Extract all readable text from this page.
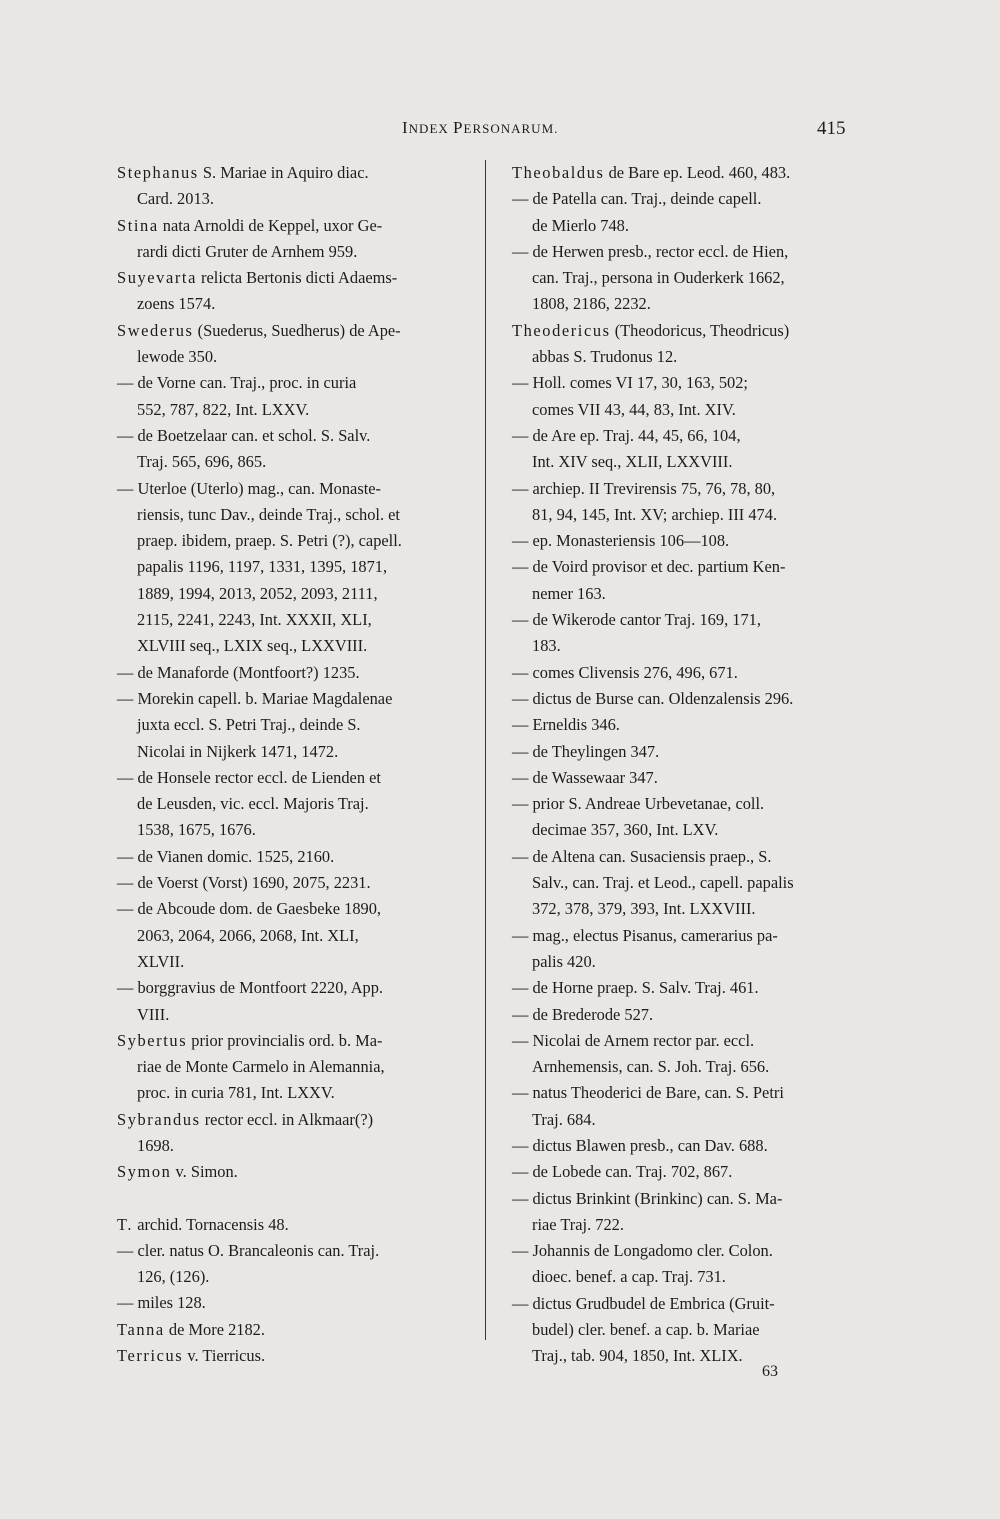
INDEX PERSONARUM.	415
Stephanus S. Mariae in Aquiro diac.
Card. 2013.
Stina nata Arnoldi de Keppel, uxor Ge-
rardi dicti Gruter de Arnhem 959.
Suyevarta relicta Bertonis dicti Adaems-
zoens 1574.
Swederus (Suederus, Suedherus) de Ape-
lewode 350.
— de Vorne can. Traj., proc. in curia
552, 787, 822, Int. LXXV.
— de Boetzelaar can. et schol. S. Salv.
Traj. 565, 696, 865.
— Uterloe (Uterlo) mag., can. Monaste-
riensis, tunc Dav., deinde Traj., schol. et
praep. ibidem, praep. S. Petri (?), capell.
papalis 1196, 1197, 1331, 1395, 1871,
1889, 1994, 2013, 2052, 2093, 2111,
2115, 2241, 2243, Int. XXXII, XLI,
XLVIII seq., LXIX seq., LXXVIII.
— de Manaforde (Montfoort?) 1235.
— Morekin capell. b. Mariae Magdalenae
juxta eccl. S. Petri Traj., deinde S.
Nicolai in Nijkerk 1471, 1472.
— de Honsele rector eccl. de Lienden et
de Leusden, vic. eccl. Majoris Traj.
1538, 1675, 1676.
— de Vianen domic. 1525, 2160.
— de Voerst (Vorst) 1690, 2075, 2231.
— de Abcoude dom. de Gaesbeke 1890,
2063, 2064, 2066, 2068, Int. XLI,
XLVII.
— borggravius de Montfoort 2220, App.
VIII.
Sybertus prior provincialis ord. b. Ma-
riae de Monte Carmelo in Alemannia,
proc. in curia 781, Int. LXXV.
Sybrandus rector eccl. in Alkmaar(?)
1698.
Symon v. Simon.
T. archid. Tornacensis 48.
— cler. natus O. Brancaleonis can. Traj.
126, (126).
— miles 128.
Tanna de More 2182.
Terricus v. Tierricus.
Theobaldus de Bare ep. Leod. 460, 483.
— de Patella can. Traj., deinde capell.
de Mierlo 748.
— de Herwen presb., rector eccl. de Hien,
can. Traj., persona in Ouderkerk 1662,
1808, 2186, 2232.
Theodericus (Theodoricus, Theodricus)
abbas S. Trudonus 12.
— Holl. comes VI 17, 30, 163, 502;
comes VII 43, 44, 83, Int. XIV.
— de Are ep. Traj. 44, 45, 66, 104,
Int. XIV seq., XLII, LXXVIII.
— archiep. II Trevirensis 75, 76, 78, 80,
81, 94, 145, Int. XV; archiep. III 474.
— ep. Monasteriensis 106—108.
— de Voird provisor et dec. partium Ken-
nemer 163.
— de Wikerode cantor Traj. 169, 171,
183.
— comes Clivensis 276, 496, 671.
— dictus de Burse can. Oldenzalensis 296.
— Erneldis 346.
— de Theylingen 347.
— de Wassewaar 347.
— prior S. Andreae Urbevetanae, coll.
decimae 357, 360, Int. LXV.
— de Altena can. Susaciensis praep., S.
Salv., can. Traj. et Leod., capell. papalis
372, 378, 379, 393, Int. LXXVIII.
— mag., electus Pisanus, camerarius pa-
palis 420.
— de Horne praep. S. Salv. Traj. 461.
— de Brederode 527.
— Nicolai de Arnem rector par. eccl.
Arnhemensis, can. S. Joh. Traj. 656.
— natus Theoderici de Bare, can. S. Petri
Traj. 684.
— dictus Blawen presb., can Dav. 688.
— de Lobede can. Traj. 702, 867.
— dictus Brinkint (Brinkinc) can. S. Ma-
riae Traj. 722.
— Johannis de Longadomo cler. Colon.
dioec. benef. a cap. Traj. 731.
— dictus Grudbudel de Embrica (Gruit-
budel) cler. benef. a cap. b. Mariae
Traj., tab. 904, 1850, Int. XLIX.
63
